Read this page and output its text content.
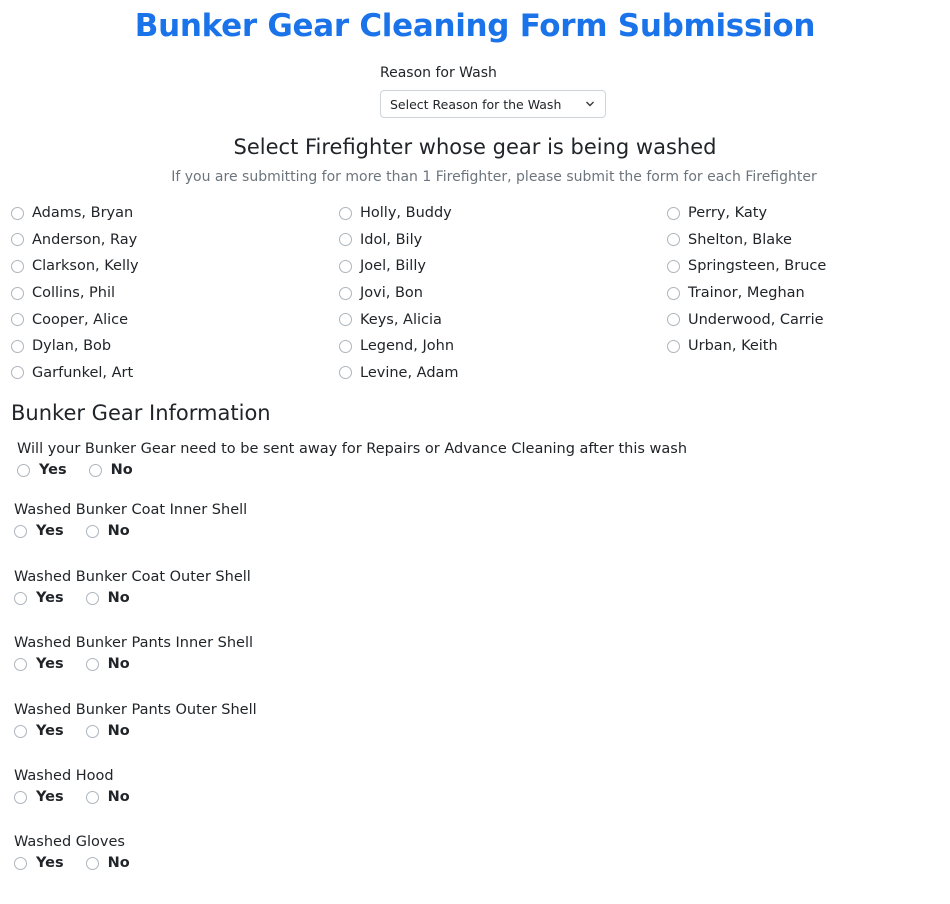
Bunker Gear Cleaning Form Submission
Reason for Wash
Select Reason for the Wash
Select Firefighter whose gear is being washed
If you are submitting for more than 1 Firefighter, please submit the form for each Firefighter
Adams, Bryan
Anderson, Ray
Clarkson, Kelly
Collins, Phil
Cooper, Alice
Dylan, Bob
Garfunkel, Art
Holly, Buddy
Idol, Bily
Joel, Billy
Jovi, Bon
Keys, Alicia
Legend, John
Levine, Adam
Perry, Katy
Shelton, Blake
Springsteen, Bruce
Trainor, Meghan
Underwood, Carrie
Urban, Keith
Bunker Gear Information
Will your Bunker Gear need to be sent away for Repairs or Advance Cleaning after this wash
Yes	No
Washed Bunker Coat Inner Shell
Yes	No
Washed Bunker Coat Outer Shell
Yes	No
Washed Bunker Pants Inner Shell
Yes	No
Washed Bunker Pants Outer Shell
Yes	No
Washed Hood
Yes	No
Washed Gloves
Yes	No
